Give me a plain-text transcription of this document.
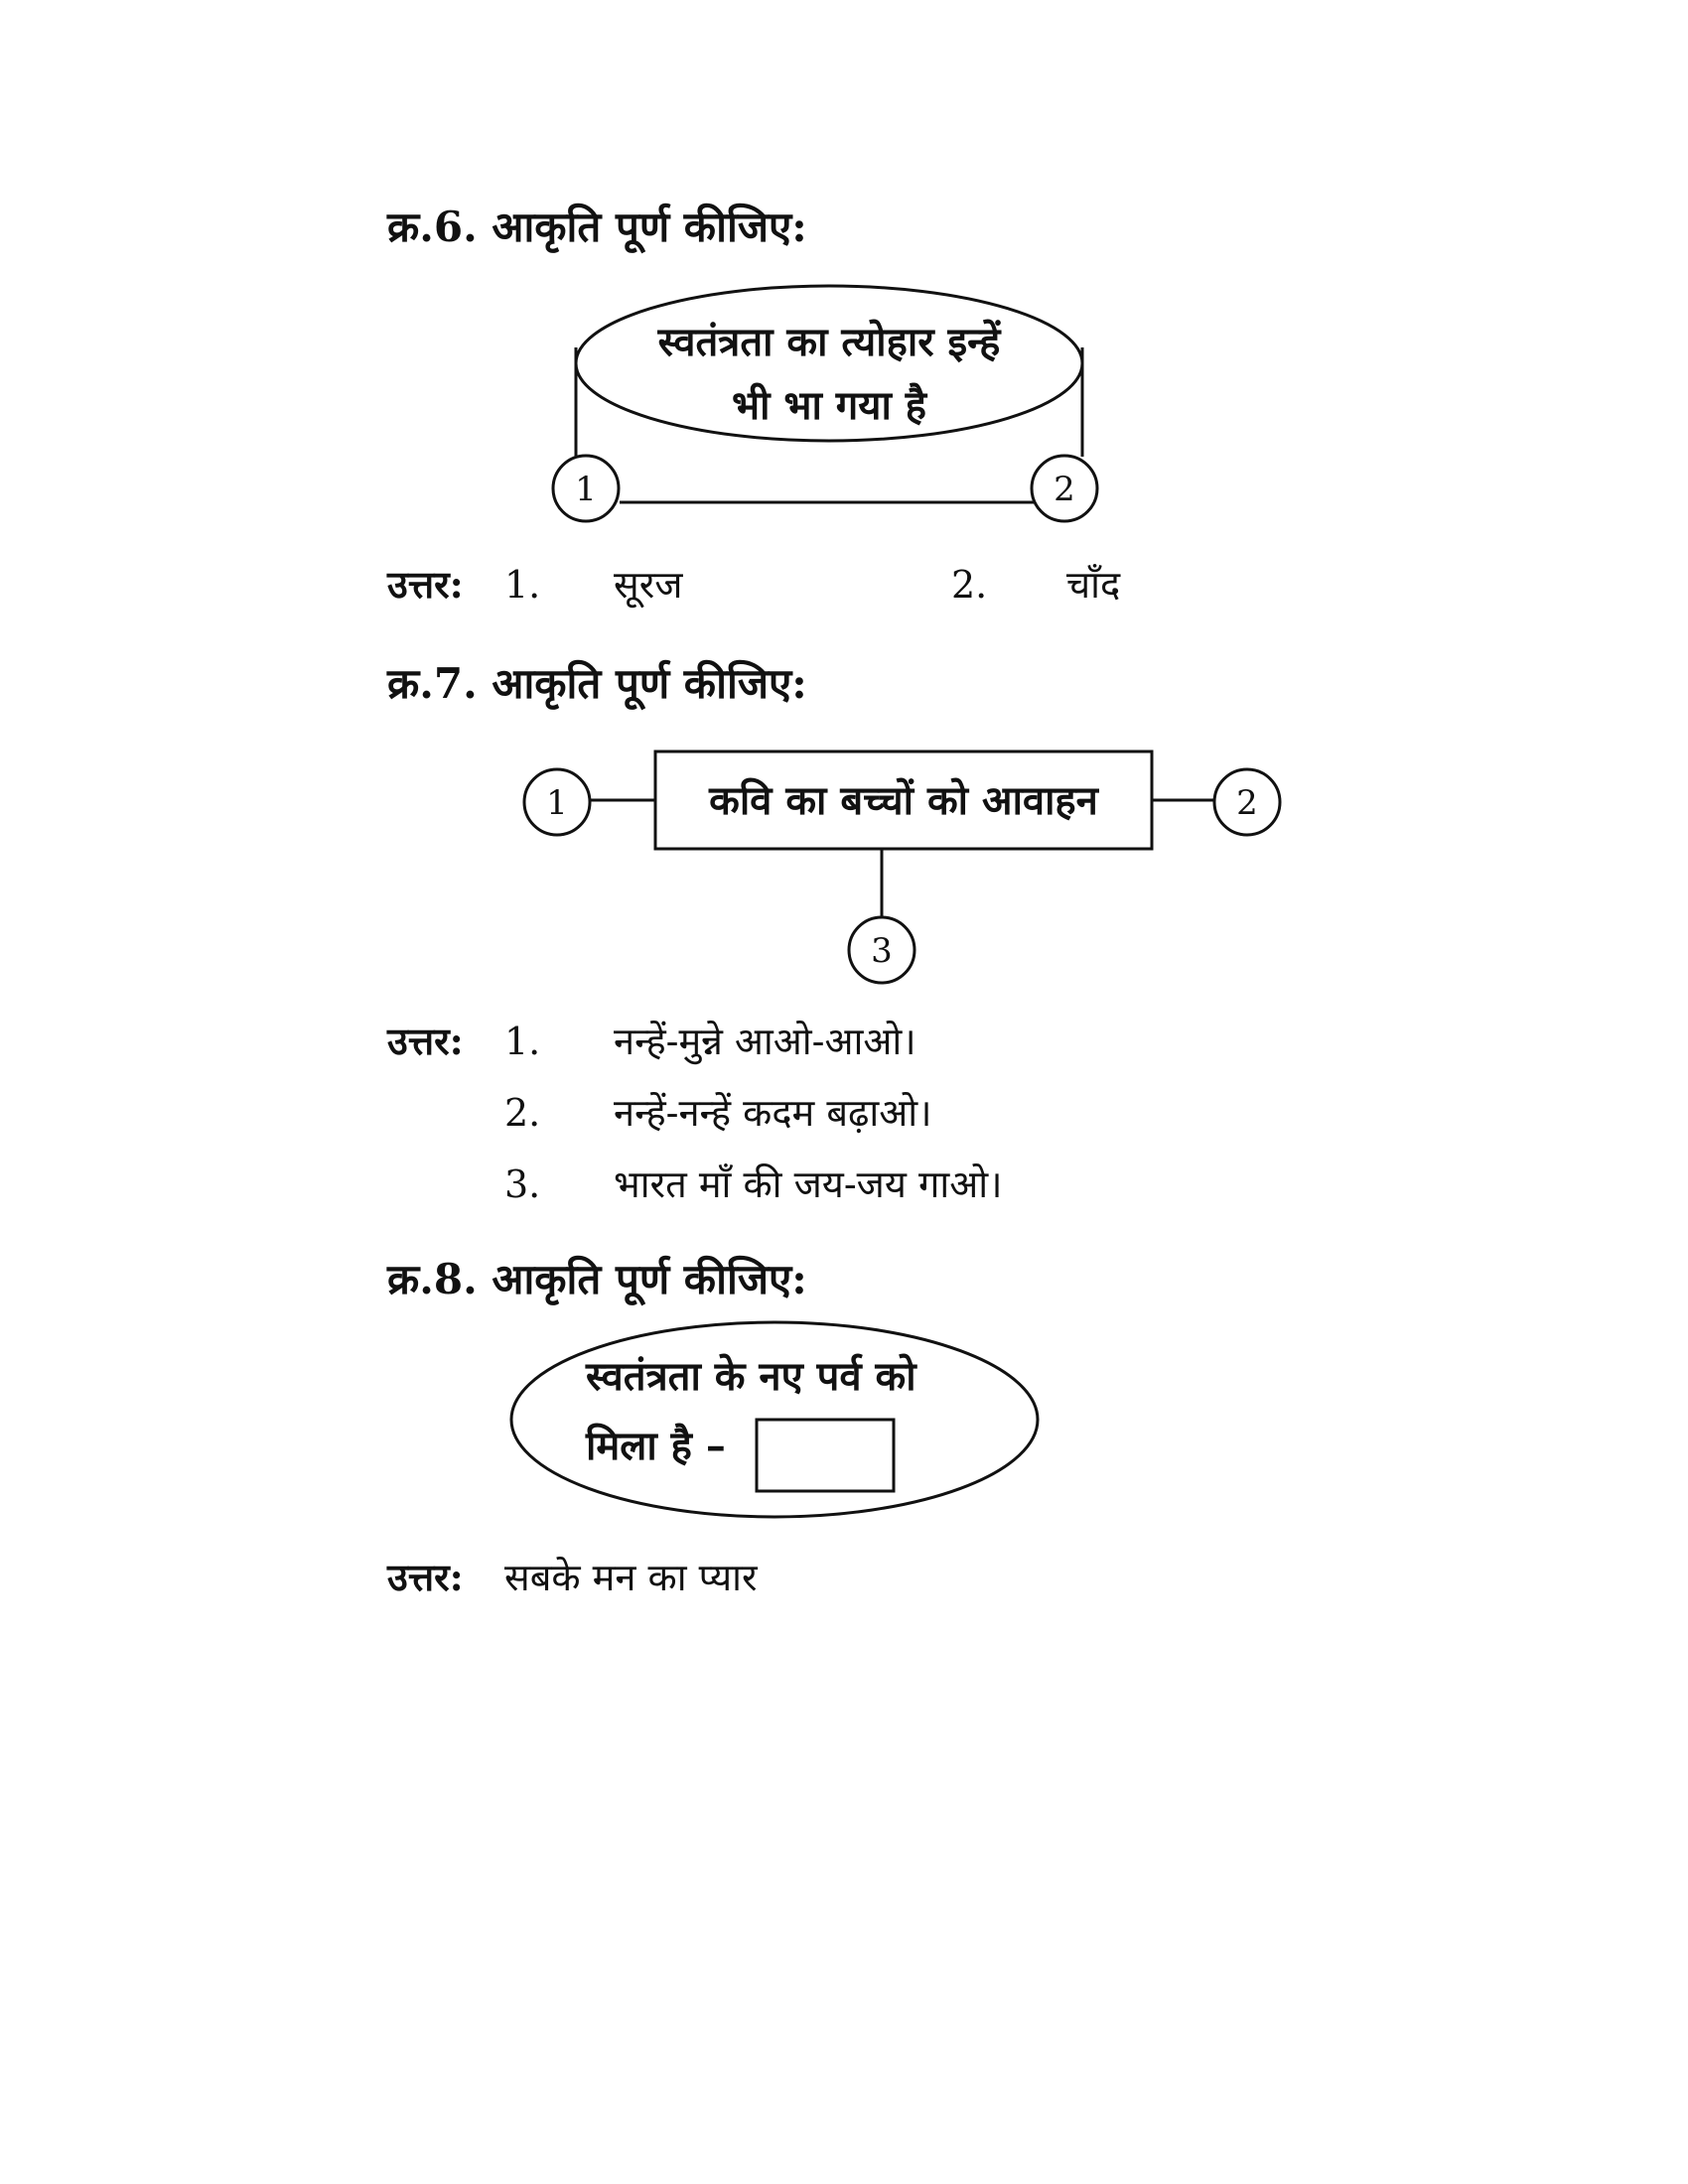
क्र.6. आकृति पूर्ण कीजिए:
स्वतंत्रता का त्योहार इन्हें
भी भा गया है
1	2
उत्तर: 1. सूरज	2. चाँद
क्र.7. आकृति पूर्ण कीजिए:
कवि का बच्चों को आवाहन
1	2
3
उत्तर: 1. नन्हें-मुन्ने आओ-आओ।
2. नन्हें-नन्हें कदम बढ़ाओ।
3. भारत माँ की जय-जय गाओ।
क्र.8. आकृति पूर्ण कीजिए:
स्वतंत्रता के नए पर्व को
मिला है –
उत्तर: सबके मन का प्यार
